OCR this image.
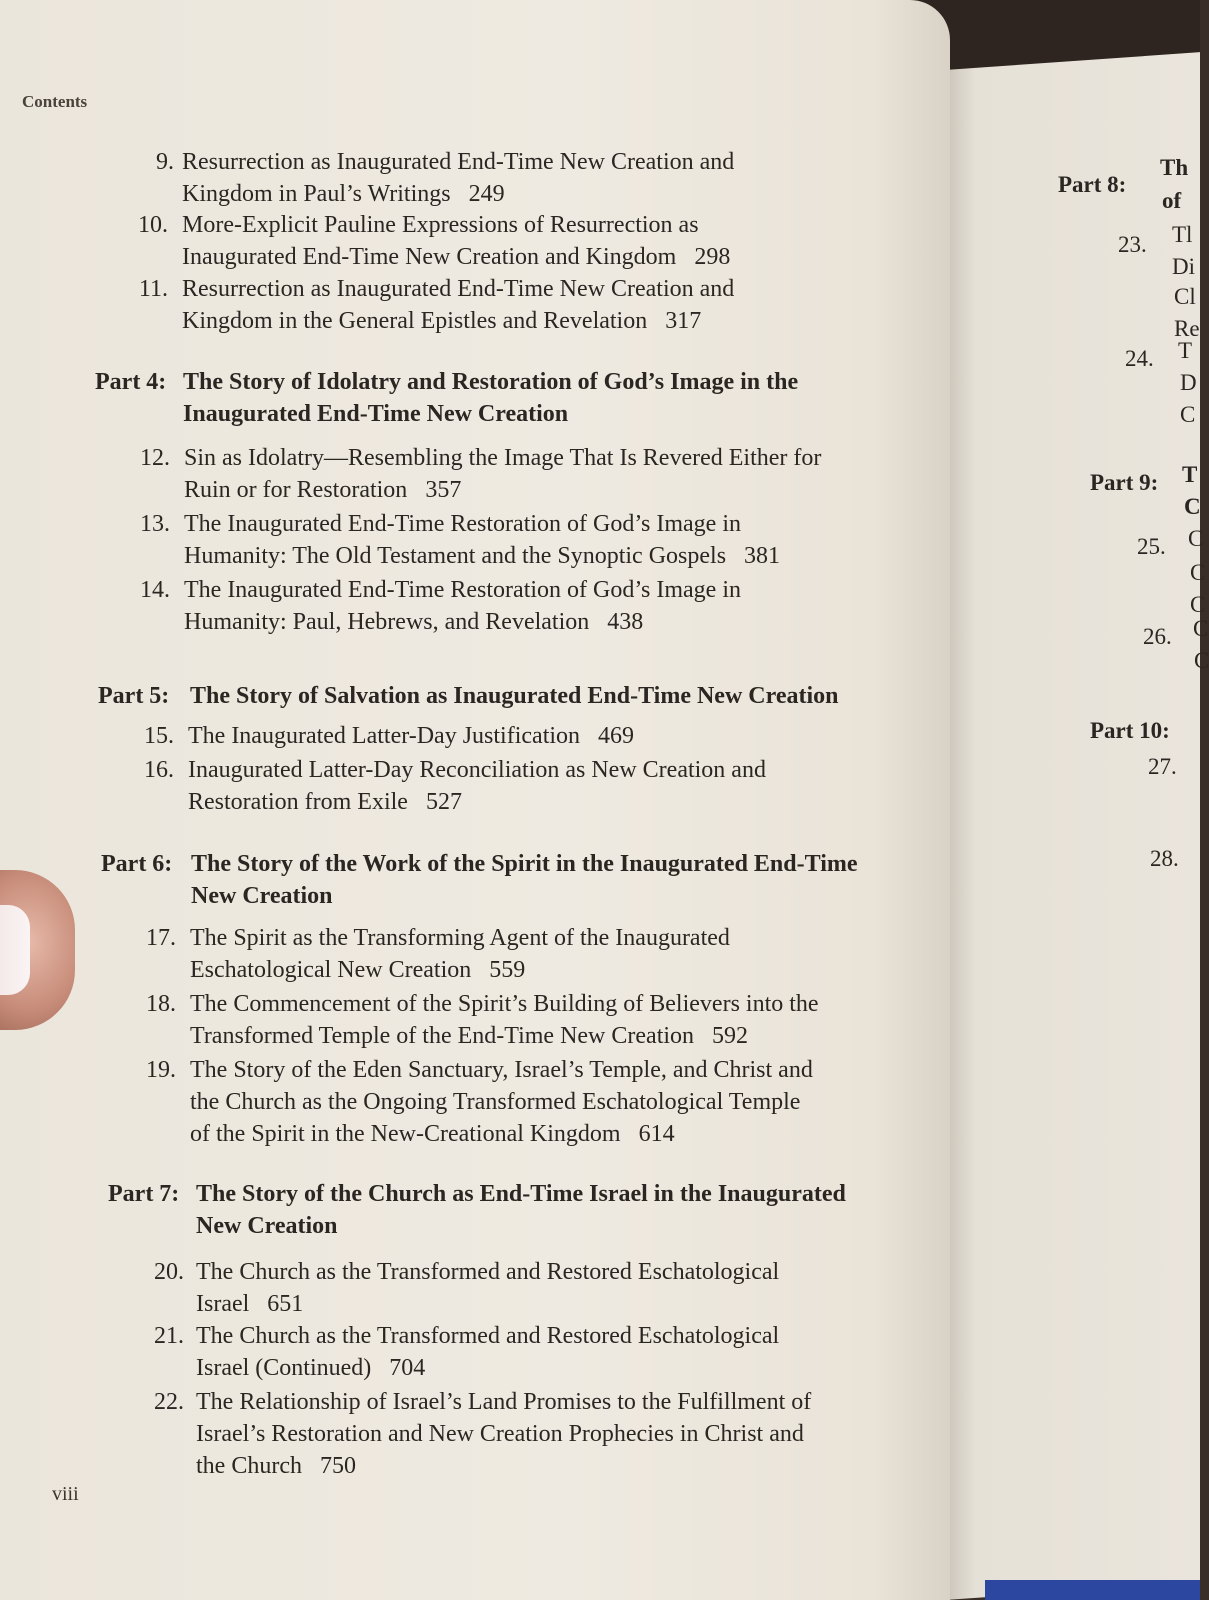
Contents
9. Resurrection as Inaugurated End-Time New Creation and
Kingdom in Paul’s Writings 249
10. More-Explicit Pauline Expressions of Resurrection as
Inaugurated End-Time New Creation and Kingdom 298
11. Resurrection as Inaugurated End-Time New Creation and
Kingdom in the General Epistles and Revelation 317
Part 4: The Story of Idolatry and Restoration of God’s Image in the
Inaugurated End-Time New Creation
12. Sin as Idolatry—Resembling the Image That Is Revered Either for
Ruin or for Restoration 357
13. The Inaugurated End-Time Restoration of God’s Image in
Humanity: The Old Testament and the Synoptic Gospels 381
14. The Inaugurated End-Time Restoration of God’s Image in
Humanity: Paul, Hebrews, and Revelation 438
Part 5: The Story of Salvation as Inaugurated End-Time New Creation
15. The Inaugurated Latter-Day Justification 469
16. Inaugurated Latter-Day Reconciliation as New Creation and
Restoration from Exile 527
Part 6: The Story of the Work of the Spirit in the Inaugurated End-Time
New Creation
17. The Spirit as the Transforming Agent of the Inaugurated
Eschatological New Creation 559
18. The Commencement of the Spirit’s Building of Believers into the
Transformed Temple of the End-Time New Creation 592
19. The Story of the Eden Sanctuary, Israel’s Temple, and Christ and
the Church as the Ongoing Transformed Eschatological Temple
of the Spirit in the New-Creational Kingdom 614
Part 7: The Story of the Church as End-Time Israel in the Inaugurated
New Creation
20. The Church as the Transformed and Restored Eschatological
Israel 651
21. The Church as the Transformed and Restored Eschatological
Israel (Continued) 704
22. The Relationship of Israel’s Land Promises to the Fulfillment of
Israel’s Restoration and New Creation Prophecies in Christ and
the Church 750
viii
Part 8:
Th
of
23. Tl
Di
Cl
Re
24. T
D
C
Part 9: T
C
25. C
C
C
26. C
C
Part 10:
27.
28.
